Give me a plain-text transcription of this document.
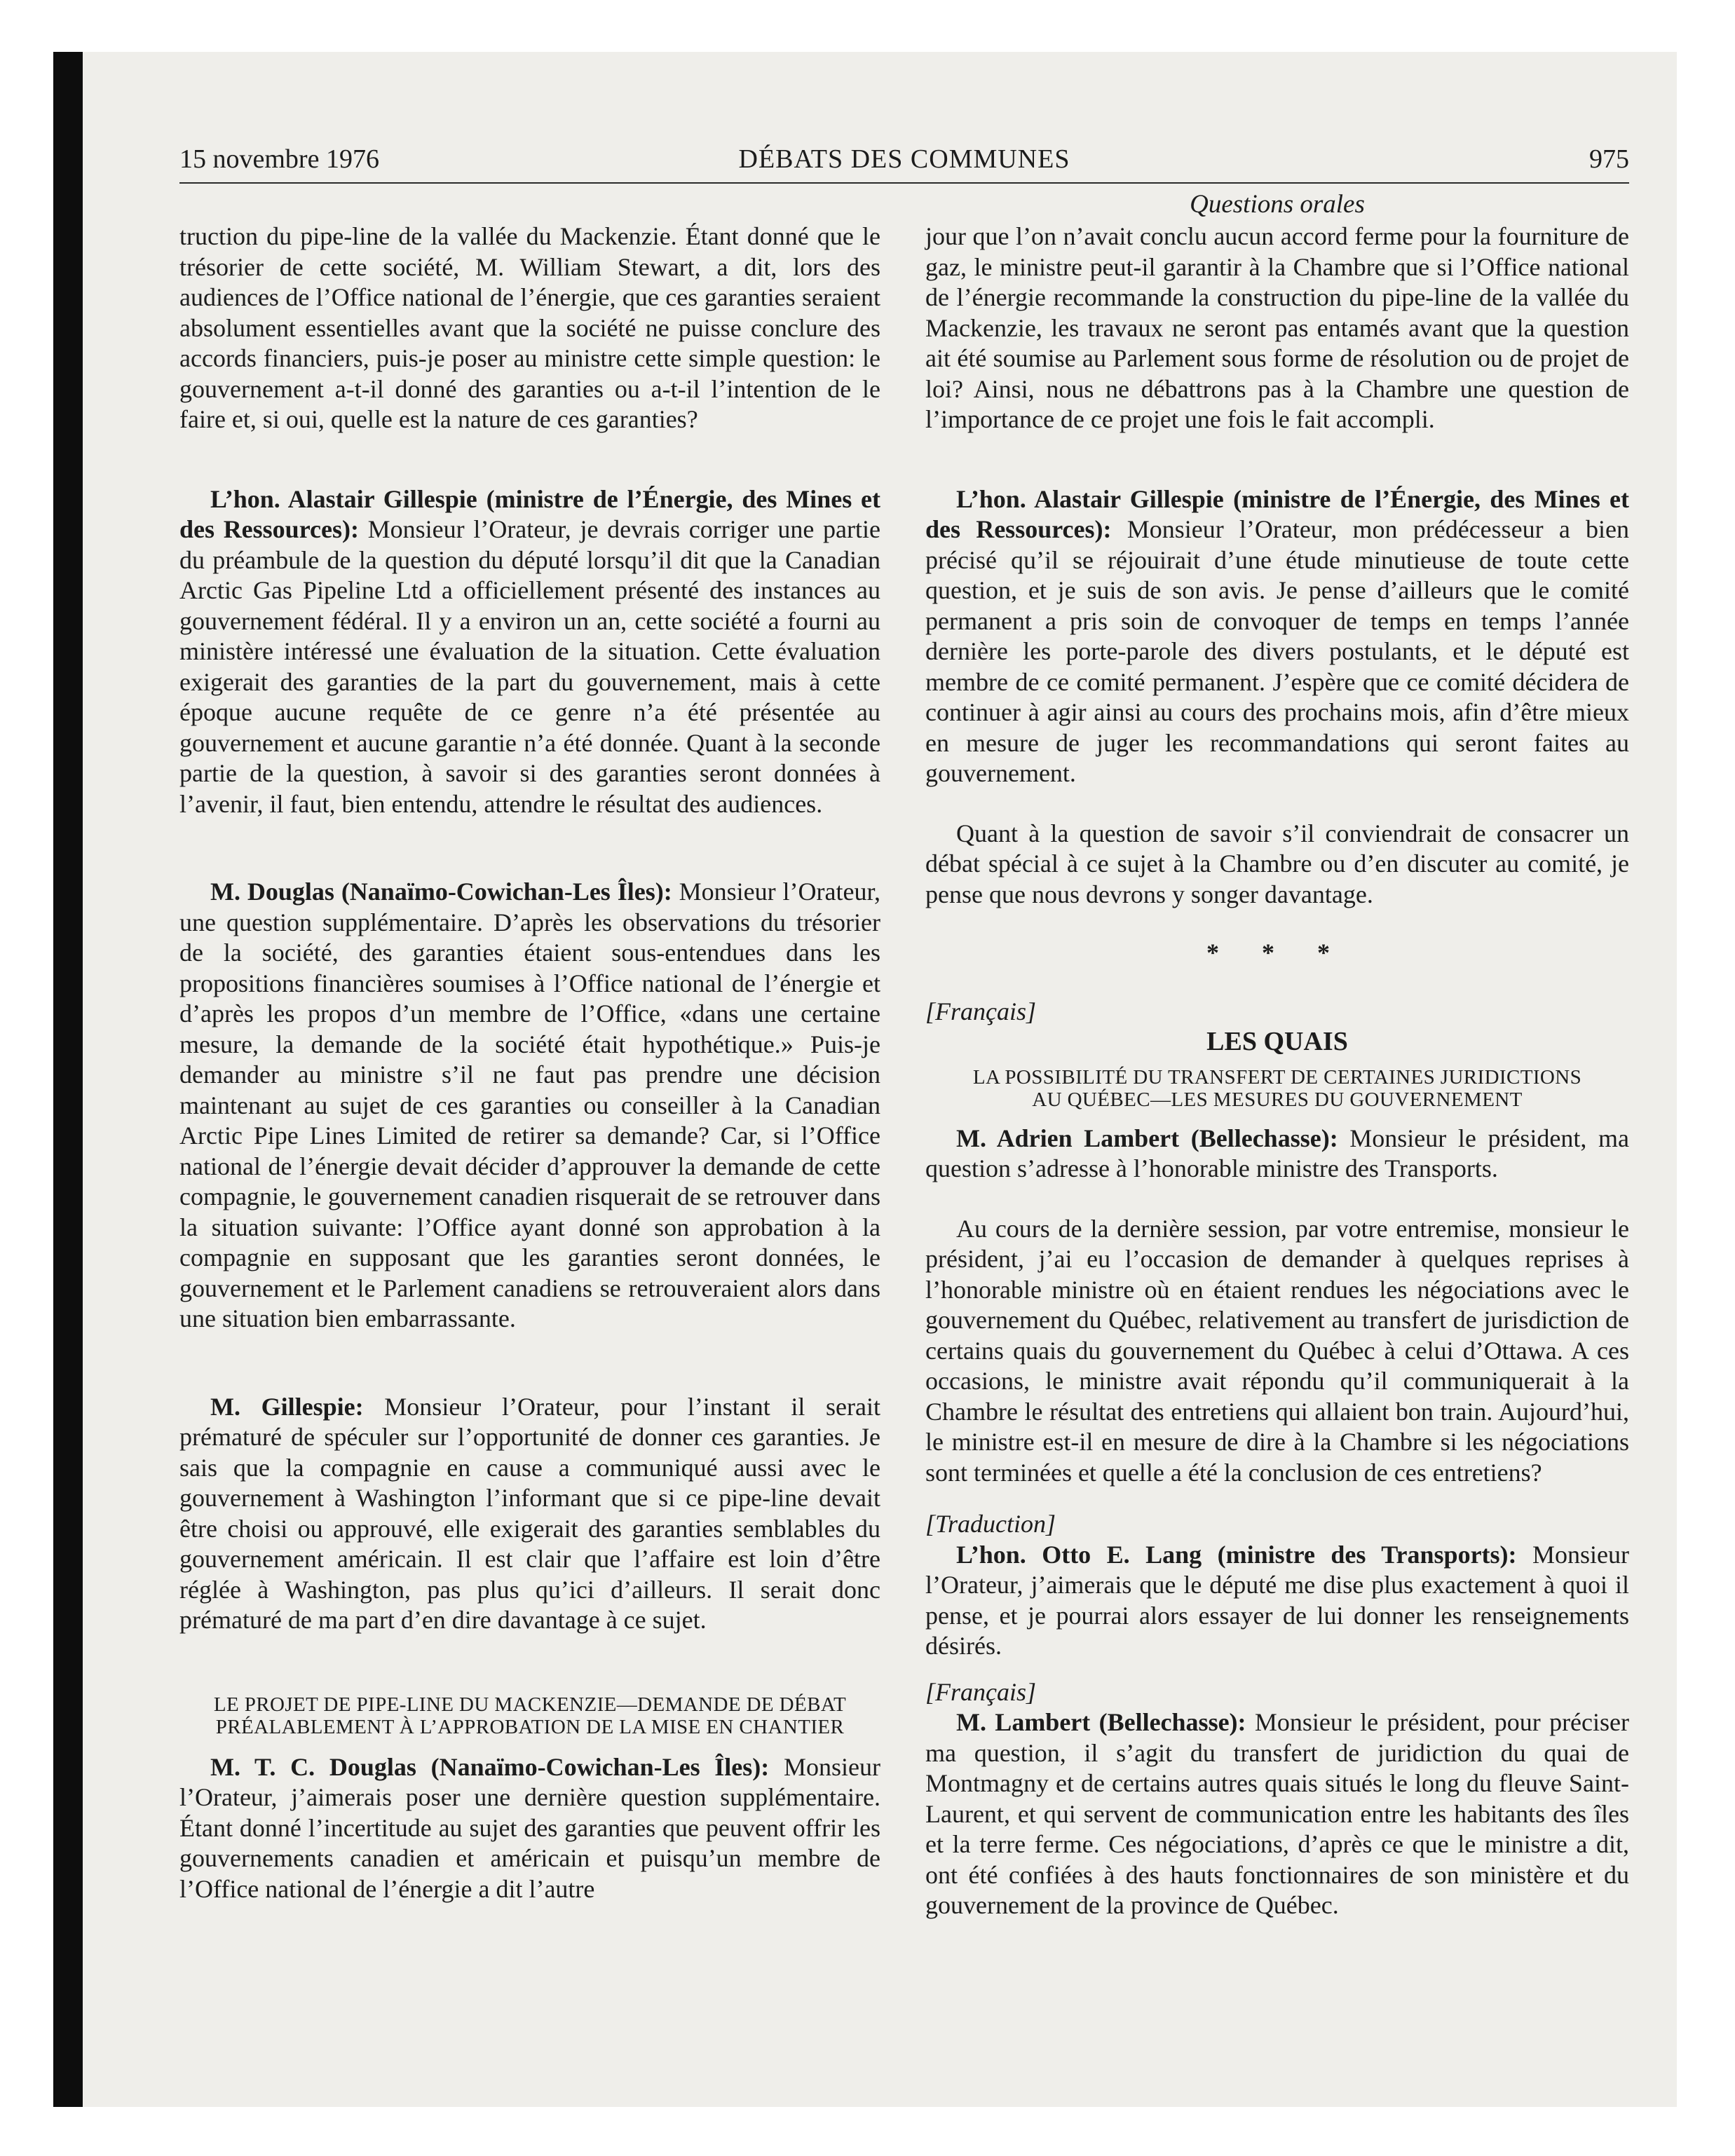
15 novembre 1976	DÉBATS DES COMMUNES	975

truction du pipe-line de la vallée du Mackenzie. Étant donné que le trésorier de cette société, M. William Stewart, a dit, lors des audiences de l’Office national de l’énergie, que ces garanties seraient absolument essentielles avant que la société ne puisse conclure des accords financiers, puis-je poser au ministre cette simple question: le gouvernement a-t-il donné des garanties ou a-t-il l’intention de le faire et, si oui, quelle est la nature de ces garanties?

L’hon. Alastair Gillespie (ministre de l’Énergie, des Mines et des Ressources): Monsieur l’Orateur, je devrais corriger une partie du préambule de la question du député lorsqu’il dit que la Canadian Arctic Gas Pipeline Ltd a officiellement présenté des instances au gouvernement fédéral. Il y a environ un an, cette société a fourni au ministère intéressé une évaluation de la situation. Cette évaluation exigerait des garanties de la part du gouvernement, mais à cette époque aucune requête de ce genre n’a été présentée au gouvernement et aucune garantie n’a été donnée. Quant à la seconde partie de la question, à savoir si des garanties seront données à l’avenir, il faut, bien entendu, attendre le résultat des audiences.

M. Douglas (Nanaïmo-Cowichan-Les Îles): Monsieur l’Orateur, une question supplémentaire. D’après les observations du trésorier de la société, des garanties étaient sous-entendues dans les propositions financières soumises à l’Office national de l’énergie et d’après les propos d’un membre de l’Office, «dans une certaine mesure, la demande de la société était hypothétique.» Puis-je demander au ministre s’il ne faut pas prendre une décision maintenant au sujet de ces garanties ou conseiller à la Canadian Arctic Pipe Lines Limited de retirer sa demande? Car, si l’Office national de l’énergie devait décider d’approuver la demande de cette compagnie, le gouvernement canadien risquerait de se retrouver dans la situation suivante: l’Office ayant donné son approbation à la compagnie en supposant que les garanties seront données, le gouvernement et le Parlement canadiens se retrouveraient alors dans une situation bien embarrassante.

M. Gillespie: Monsieur l’Orateur, pour l’instant il serait prématuré de spéculer sur l’opportunité de donner ces garanties. Je sais que la compagnie en cause a communiqué aussi avec le gouvernement à Washington l’informant que si ce pipe-line devait être choisi ou approuvé, elle exigerait des garanties semblables du gouvernement américain. Il est clair que l’affaire est loin d’être réglée à Washington, pas plus qu’ici d’ailleurs. Il serait donc prématuré de ma part d’en dire davantage à ce sujet.

LE PROJET DE PIPE-LINE DU MACKENZIE—DEMANDE DE DÉBAT
PRÉALABLEMENT À L’APPROBATION DE LA MISE EN CHANTIER

M. T. C. Douglas (Nanaïmo-Cowichan-Les Îles): Monsieur l’Orateur, j’aimerais poser une dernière question supplémentaire. Étant donné l’incertitude au sujet des garanties que peuvent offrir les gouvernements canadien et américain et puisqu’un membre de l’Office national de l’énergie a dit l’autre

Questions orales

jour que l’on n’avait conclu aucun accord ferme pour la fourniture de gaz, le ministre peut-il garantir à la Chambre que si l’Office national de l’énergie recommande la construction du pipe-line de la vallée du Mackenzie, les travaux ne seront pas entamés avant que la question ait été soumise au Parlement sous forme de résolution ou de projet de loi? Ainsi, nous ne débattrons pas à la Chambre une question de l’importance de ce projet une fois le fait accompli.

L’hon. Alastair Gillespie (ministre de l’Énergie, des Mines et des Ressources): Monsieur l’Orateur, mon prédécesseur a bien précisé qu’il se réjouirait d’une étude minutieuse de toute cette question, et je suis de son avis. Je pense d’ailleurs que le comité permanent a pris soin de convoquer de temps en temps l’année dernière les porte-parole des divers postulants, et le député est membre de ce comité permanent. J’espère que ce comité décidera de continuer à agir ainsi au cours des prochains mois, afin d’être mieux en mesure de juger les recommandations qui seront faites au gouvernement.

Quant à la question de savoir s’il conviendrait de consacrer un débat spécial à ce sujet à la Chambre ou d’en discuter au comité, je pense que nous devrons y songer davantage.

* * *

[Français]

LES QUAIS

LA POSSIBILITÉ DU TRANSFERT DE CERTAINES JURIDICTIONS
AU QUÉBEC—LES MESURES DU GOUVERNEMENT

M. Adrien Lambert (Bellechasse): Monsieur le président, ma question s’adresse à l’honorable ministre des Transports.

Au cours de la dernière session, par votre entremise, monsieur le président, j’ai eu l’occasion de demander à quelques reprises à l’honorable ministre où en étaient rendues les négociations avec le gouvernement du Québec, relativement au transfert de jurisdiction de certains quais du gouvernement du Québec à celui d’Ottawa. A ces occasions, le ministre avait répondu qu’il communiquerait à la Chambre le résultat des entretiens qui allaient bon train. Aujourd’hui, le ministre est-il en mesure de dire à la Chambre si les négociations sont terminées et quelle a été la conclusion de ces entretiens?

[Traduction]

L’hon. Otto E. Lang (ministre des Transports): Monsieur l’Orateur, j’aimerais que le député me dise plus exactement à quoi il pense, et je pourrai alors essayer de lui donner les renseignements désirés.

[Français]

M. Lambert (Bellechasse): Monsieur le président, pour préciser ma question, il s’agit du transfert de juridiction du quai de Montmagny et de certains autres quais situés le long du fleuve Saint-Laurent, et qui servent de communication entre les habitants des îles et la terre ferme. Ces négociations, d’après ce que le ministre a dit, ont été confiées à des hauts fonctionnaires de son ministère et du gouvernement de la province de Québec.
